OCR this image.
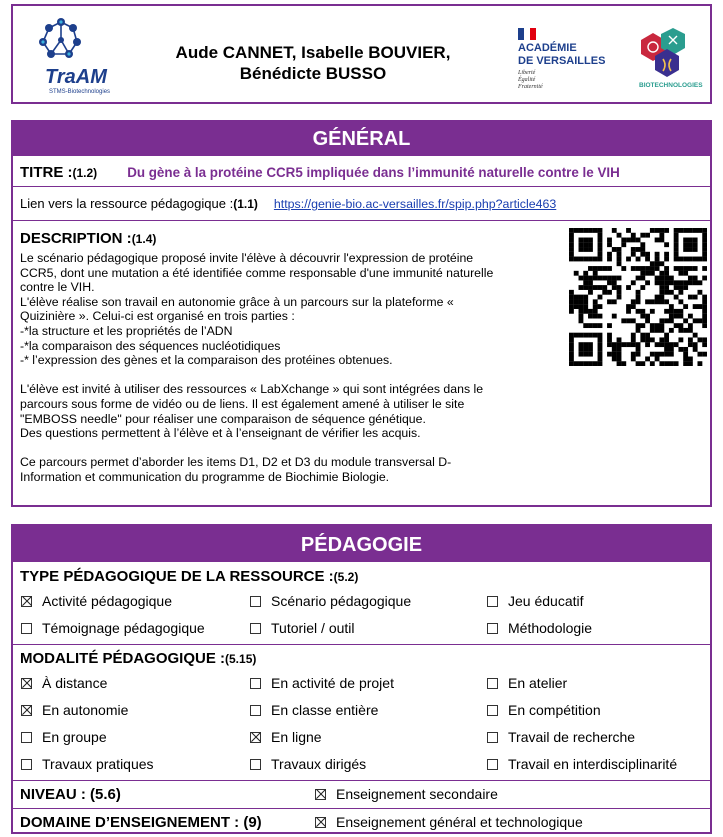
TraAM
STMS-Biotechnologies
Aude CANNET, Isabelle BOUVIER,
Bénédicte BUSSO
ACADÉMIE
DE VERSAILLES
Liberté
Égalité
Fraternité	BIOTECHNOLOGIES
GÉNÉRAL
TITRE : (1.2) Du gène à la protéine CCR5 impliquée dans l’immunité naturelle contre le VIH
Lien vers la ressource pédagogique : (1.1) https://genie-bio.ac-versailles.fr/spip.php?article463
DESCRIPTION :(1.4)

Le scénario pédagogique proposé invite l'élève à découvrir l'expression de protéine

CCR5, dont une mutation a été identifiée comme responsable d'une immunité naturelle

contre le VIH.

L'élève réalise son travail en autonomie grâce à un parcours sur la plateforme «

Quizinière ». Celui-ci est organisé en trois parties :

-*la structure et les propriétés de l’ADN

-*la comparaison des séquences nucléotidiques

-* l’expression des gènes et la comparaison des protéines obtenues.

L'élève est invité à utiliser des ressources « LabXchange » qui sont intégrées dans le

parcours sous forme de vidéo ou de liens. Il est également amené à utiliser le site

"EMBOSS needle" pour réaliser une comparaison de séquence génétique.

Des questions permettent à l’élève et à l’enseignant de vérifier les acquis.

Ce parcours permet d’aborder les items D1, D2 et D3 du module transversal D-

Information et communication du programme de Biochimie Biologie.

PÉDAGOGIE
TYPE PÉDAGOGIQUE DE LA RESSOURCE :(5.2)
Activité pédagogique	Scénario pédagogique	Jeu éducatif
Témoignage pédagogique	Tutoriel / outil	Méthodologie
MODALITÉ PÉDAGOGIQUE :(5.15)
À distance	En activité de projet	En atelier
En autonomie	En classe entière	En compétition
En groupe	En ligne	Travail de recherche
Travaux pratiques	Travaux dirigés	Travail en interdisciplinarité
NIVEAU : (5.6)	Enseignement secondaire
DOMAINE D’ENSEIGNEMENT : (9)	Enseignement général et technologique
